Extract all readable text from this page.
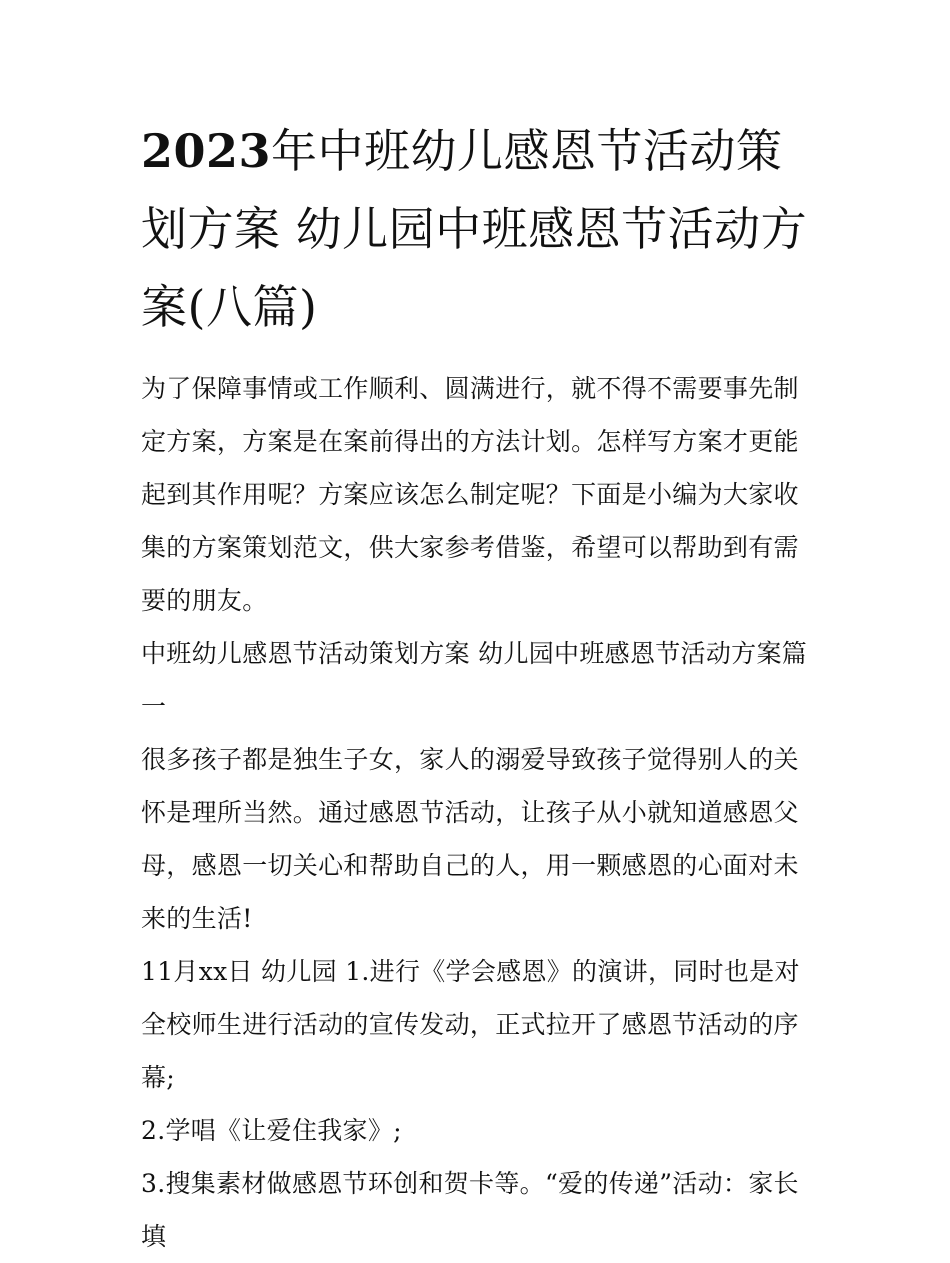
2023年中班幼儿感恩节活动策划方案 幼儿园中班感恩节活动方案(八篇)

为了保障事情或工作顺利、圆满进行，就不得不需要事先制定方案，方案是在案前得出的方法计划。怎样写方案才更能起到其作用呢？方案应该怎么制定呢？下面是小编为大家收集的方案策划范文，供大家参考借鉴，希望可以帮助到有需要的朋友。

中班幼儿感恩节活动策划方案 幼儿园中班感恩节活动方案篇一

很多孩子都是独生子女，家人的溺爱导致孩子觉得别人的关怀是理所当然。通过感恩节活动，让孩子从小就知道感恩父母，感恩一切关心和帮助自己的人，用一颗感恩的心面对未来的生活!

11月xx日 幼儿园 1.进行《学会感恩》的演讲，同时也是对全校师生进行活动的宣传发动，正式拉开了感恩节活动的序幕;

2.学唱《让爱住我家》;

3.搜集素材做感恩节环创和贺卡等。“爱的传递”活动：家长填
